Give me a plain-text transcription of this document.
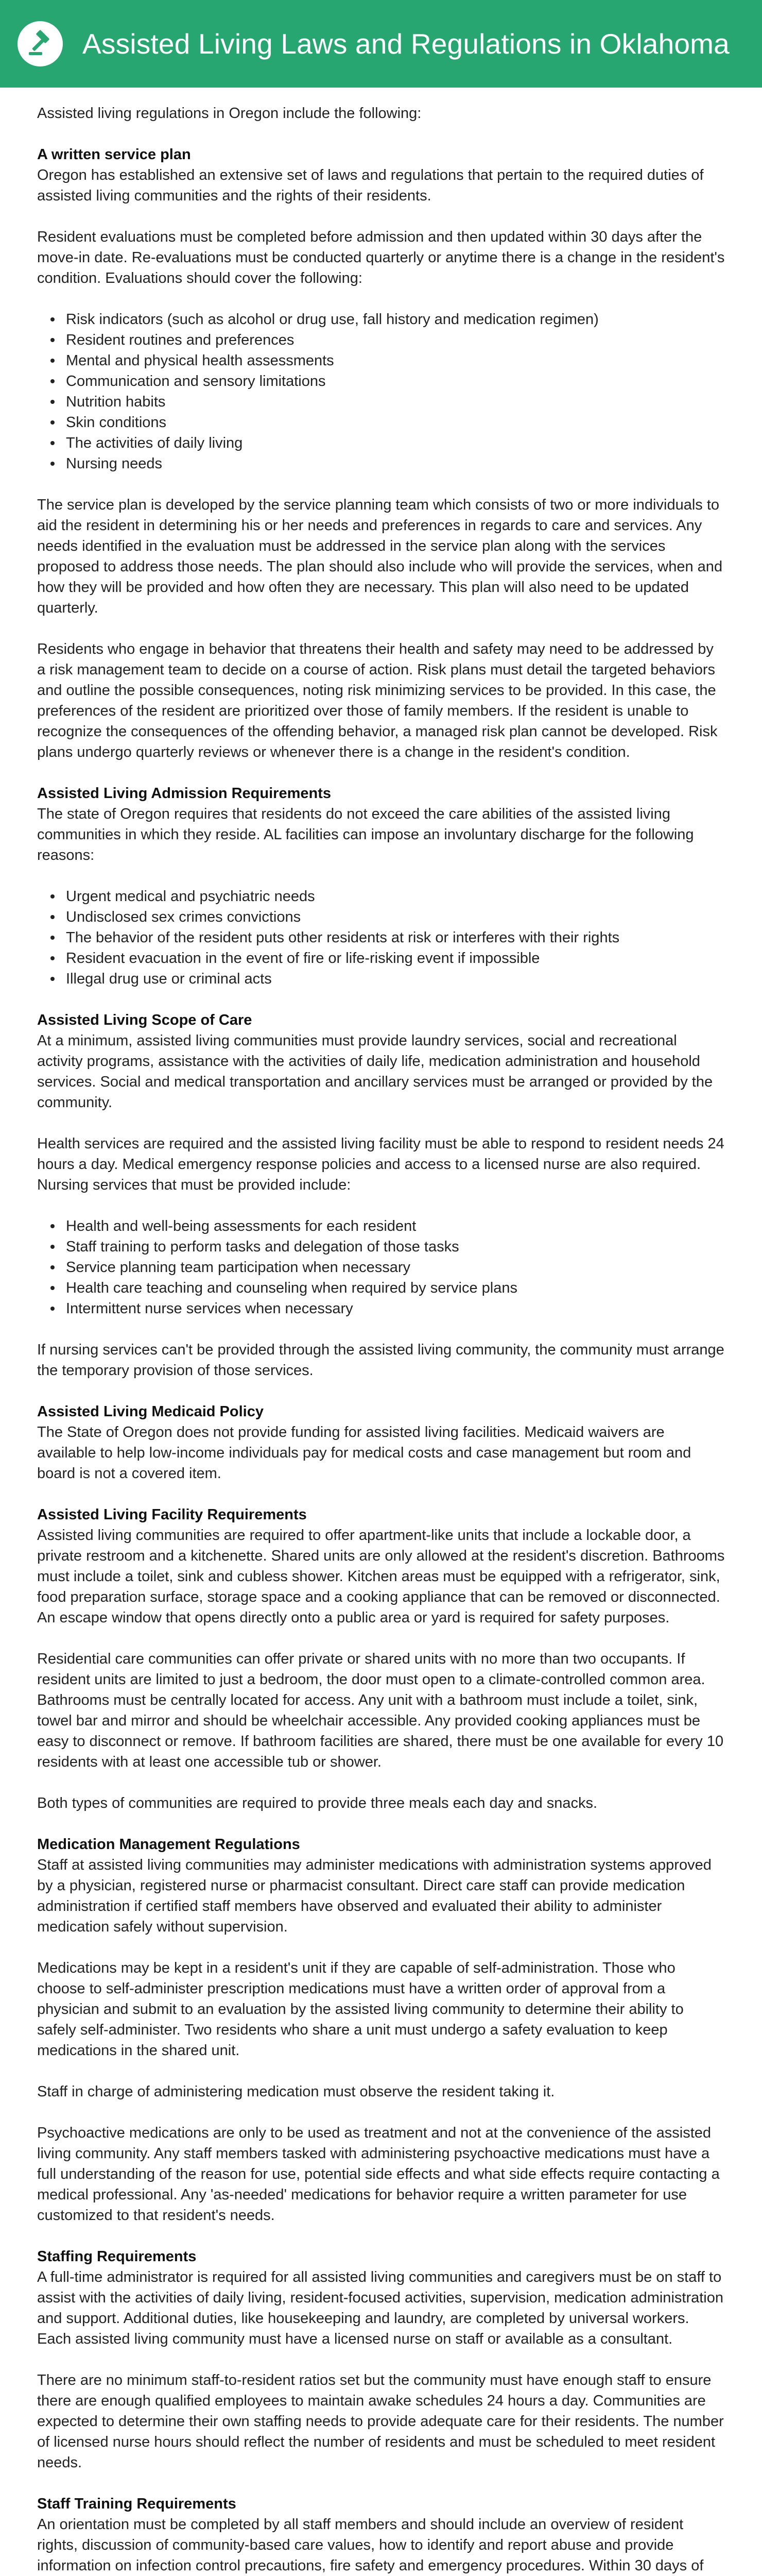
Assisted Living Laws and Regulations in Oklahoma

Assisted living regulations in Oregon include the following:

A written service plan

Oregon has established an extensive set of laws and regulations that pertain to the required duties of assisted living communities and the rights of their residents.

Resident evaluations must be completed before admission and then updated within 30 days after the move-in date. Re-evaluations must be conducted quarterly or anytime there is a change in the resident's condition. Evaluations should cover the following:

Risk indicators (such as alcohol or drug use, fall history and medication regimen)
Resident routines and preferences
Mental and physical health assessments
Communication and sensory limitations
Nutrition habits
Skin conditions
The activities of daily living
Nursing needs

The service plan is developed by the service planning team which consists of two or more individuals to aid the resident in determining his or her needs and preferences in regards to care and services. Any needs identified in the evaluation must be addressed in the service plan along with the services proposed to address those needs. The plan should also include who will provide the services, when and how they will be provided and how often they are necessary. This plan will also need to be updated quarterly.

Residents who engage in behavior that threatens their health and safety may need to be addressed by a risk management team to decide on a course of action. Risk plans must detail the targeted behaviors and outline the possible consequences, noting risk minimizing services to be provided. In this case, the preferences of the resident are prioritized over those of family members. If the resident is unable to recognize the consequences of the offending behavior, a managed risk plan cannot be developed. Risk plans undergo quarterly reviews or whenever there is a change in the resident's condition.

Assisted Living Admission Requirements

The state of Oregon requires that residents do not exceed the care abilities of the assisted living communities in which they reside. AL facilities can impose an involuntary discharge for the following reasons:

Urgent medical and psychiatric needs
Undisclosed sex crimes convictions
The behavior of the resident puts other residents at risk or interferes with their rights
Resident evacuation in the event of fire or life-risking event if impossible
Illegal drug use or criminal acts
Assisted Living Scope of Care

At a minimum, assisted living communities must provide laundry services, social and recreational activity programs, assistance with the activities of daily life, medication administration and household services. Social and medical transportation and ancillary services must be arranged or provided by the community.

Health services are required and the assisted living facility must be able to respond to resident needs 24 hours a day. Medical emergency response policies and access to a licensed nurse are also required. Nursing services that must be provided include:

Health and well-being assessments for each resident
Staff training to perform tasks and delegation of those tasks
Service planning team participation when necessary
Health care teaching and counseling when required by service plans
Intermittent nurse services when necessary

If nursing services can't be provided through the assisted living community, the community must arrange the temporary provision of those services.

Assisted Living Medicaid Policy

The State of Oregon does not provide funding for assisted living facilities. Medicaid waivers are available to help low-income individuals pay for medical costs and case management but room and board is not a covered item.

Assisted Living Facility Requirements

Assisted living communities are required to offer apartment-like units that include a lockable door, a private restroom and a kitchenette. Shared units are only allowed at the resident's discretion. Bathrooms must include a toilet, sink and cubless shower. Kitchen areas must be equipped with a refrigerator, sink, food preparation surface, storage space and a cooking appliance that can be removed or disconnected. An escape window that opens directly onto a public area or yard is required for safety purposes.

Residential care communities can offer private or shared units with no more than two occupants. If resident units are limited to just a bedroom, the door must open to a climate-controlled common area. Bathrooms must be centrally located for access. Any unit with a bathroom must include a toilet, sink, towel bar and mirror and should be wheelchair accessible. Any provided cooking appliances must be easy to disconnect or remove. If bathroom facilities are shared, there must be one available for every 10 residents with at least one accessible tub or shower.

Both types of communities are required to provide three meals each day and snacks.

Medication Management Regulations

Staff at assisted living communities may administer medications with administration systems approved by a physician, registered nurse or pharmacist consultant. Direct care staff can provide medication administration if certified staff members have observed and evaluated their ability to administer medication safely without supervision.

Medications may be kept in a resident's unit if they are capable of self-administration. Those who choose to self-administer prescription medications must have a written order of approval from a physician and submit to an evaluation by the assisted living community to determine their ability to safely self-administer. Two residents who share a unit must undergo a safety evaluation to keep medications in the shared unit.

Staff in charge of administering medication must observe the resident taking it.

Psychoactive medications are only to be used as treatment and not at the convenience of the assisted living community. Any staff members tasked with administering psychoactive medications must have a full understanding of the reason for use, potential side effects and what side effects require contacting a medical professional. Any 'as-needed' medications for behavior require a written parameter for use customized to that resident's needs.

Staffing Requirements

A full-time administrator is required for all assisted living communities and caregivers must be on staff to assist with the activities of daily living, resident-focused activities, supervision, medication administration and support. Additional duties, like housekeeping and laundry, are completed by universal workers. Each assisted living community must have a licensed nurse on staff or available as a consultant.

There are no minimum staff-to-resident ratios set but the community must have enough staff to ensure there are enough qualified employees to maintain awake schedules 24 hours a day. Communities are expected to determine their own staffing needs to provide adequate care for their residents. The number of licensed nurse hours should reflect the number of residents and must be scheduled to meet resident needs.

Staff Training Requirements

An orientation must be completed by all staff members and should include an overview of resident rights, discussion of community-based care values, how to identify and report abuse and provide information on infection control precautions, fire safety and emergency procedures. Within 30 days of
